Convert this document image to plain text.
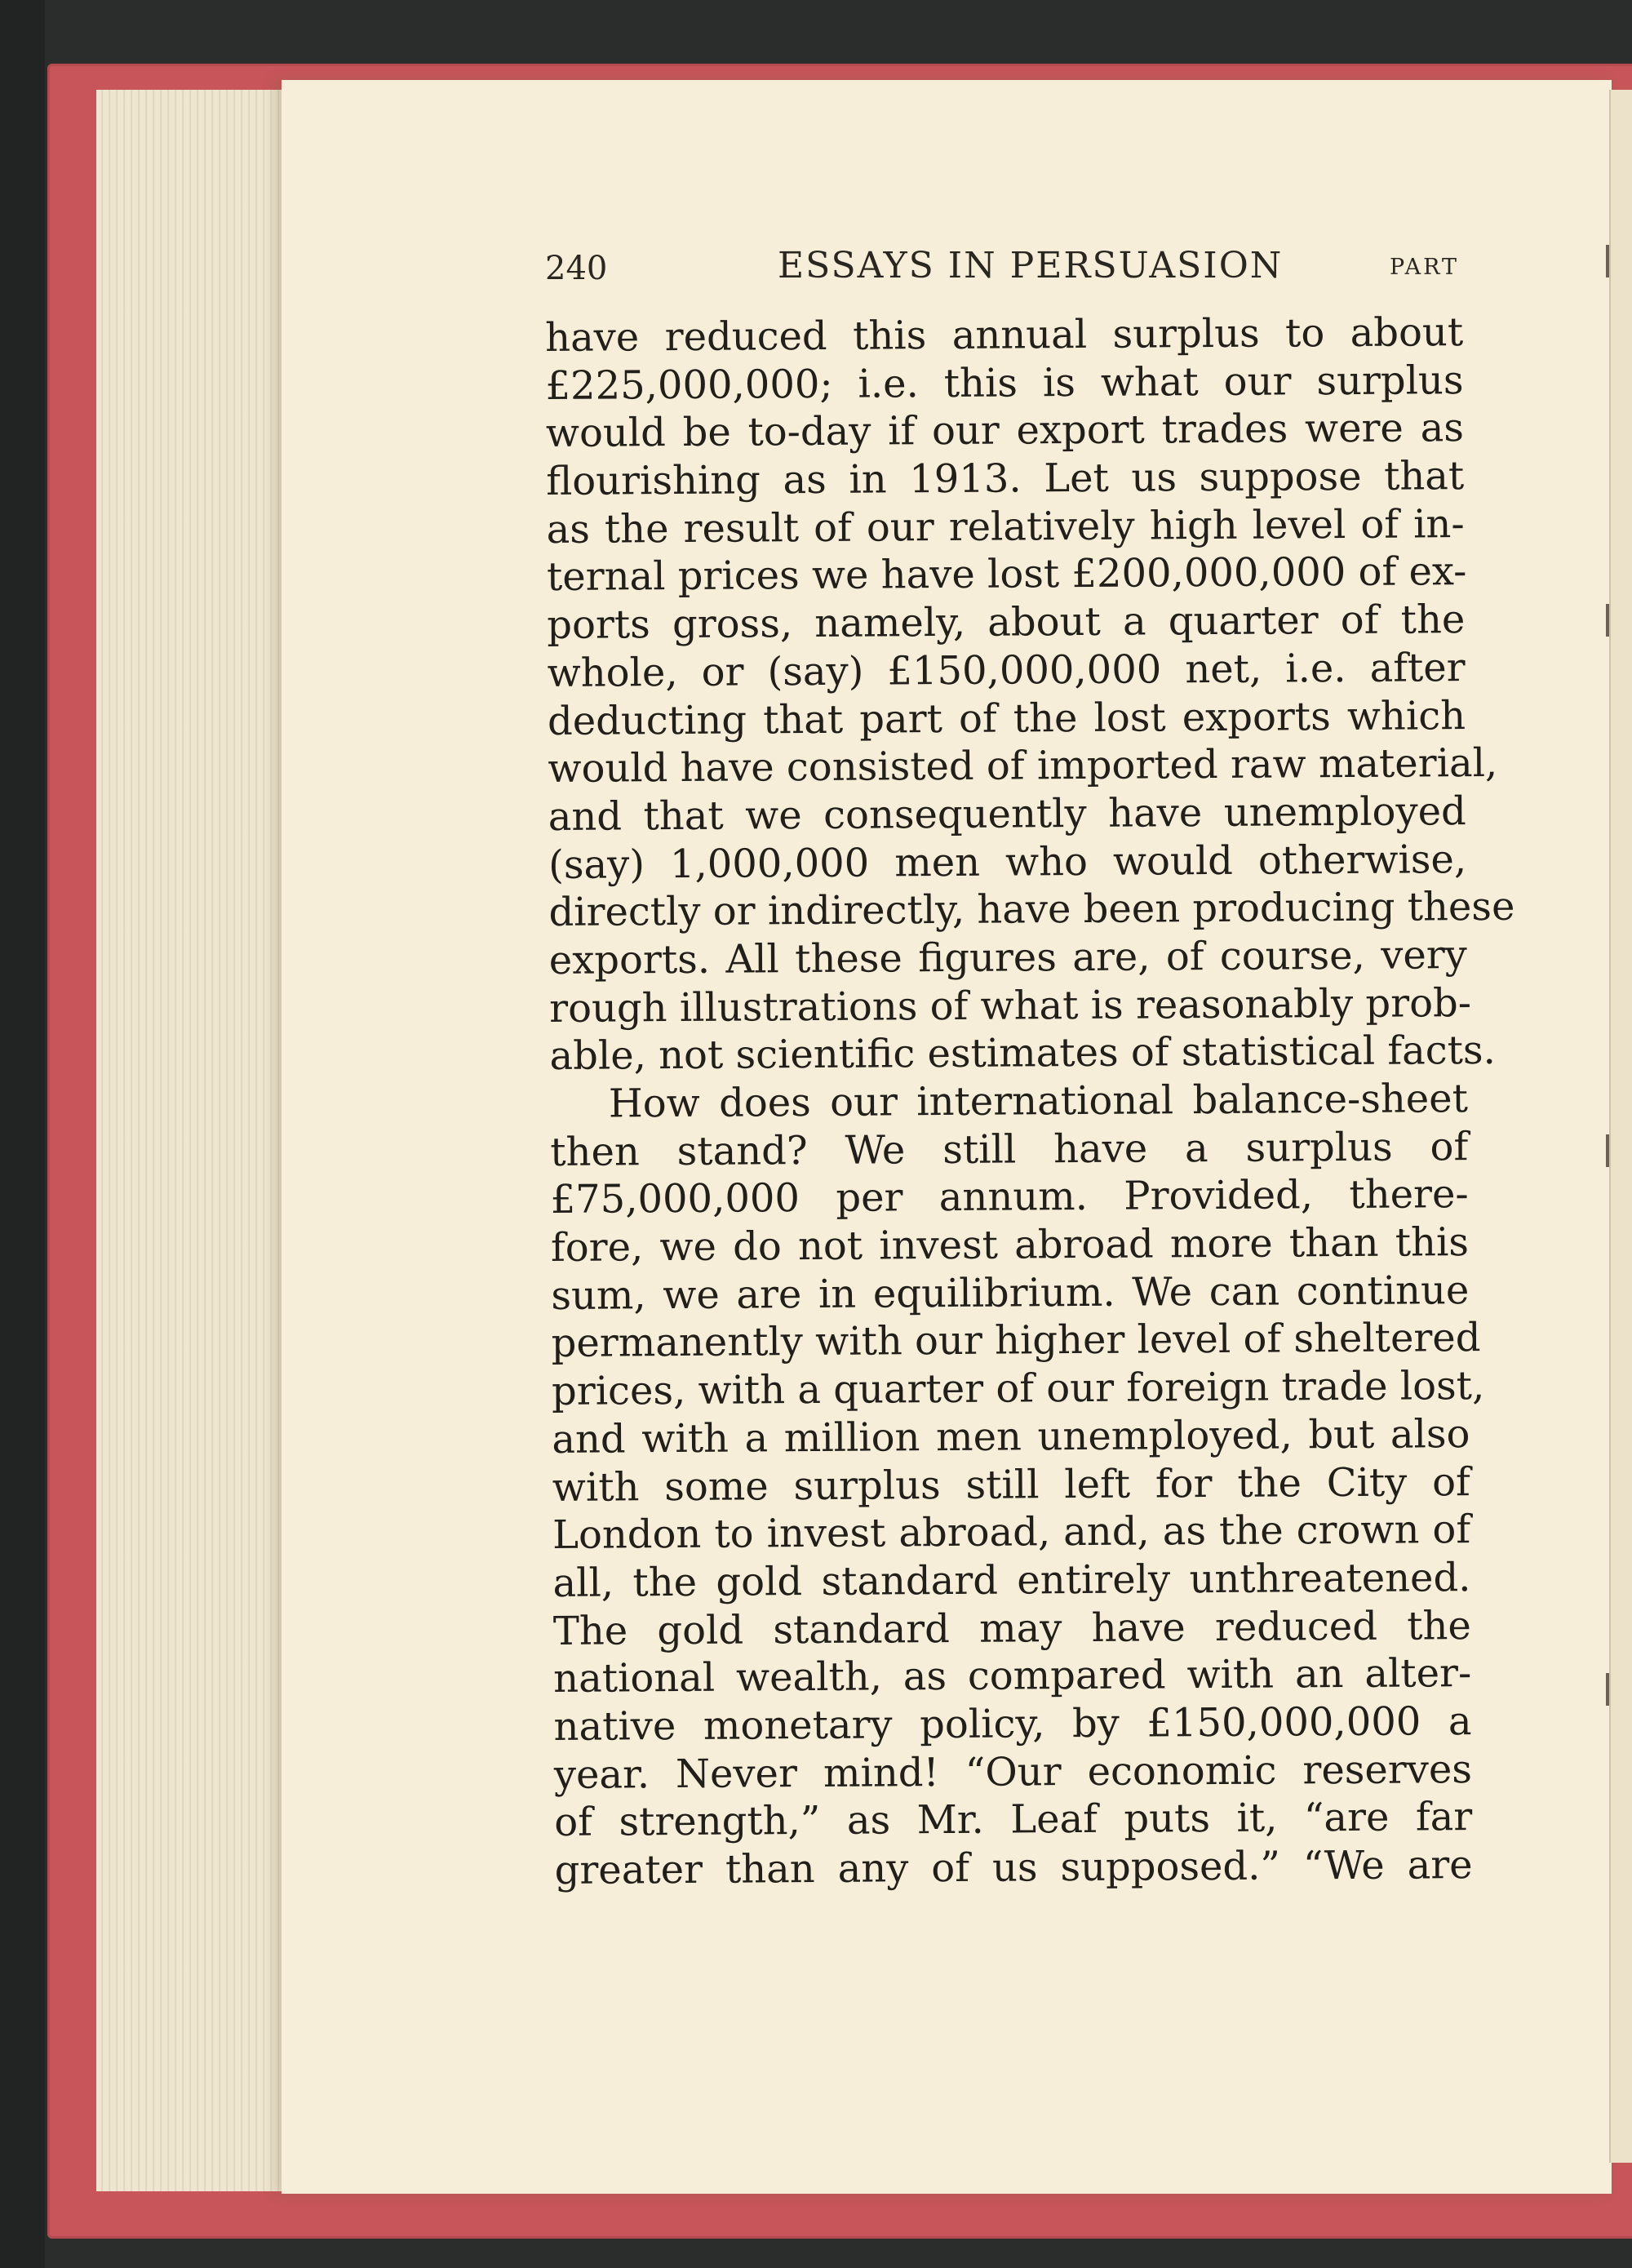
240	ESSAYS IN PERSUASION	PART
have reduced this annual surplus to about
£225,000,000; i.e. this is what our surplus
would be to-day if our export trades were as
flourishing as in 1913. Let us suppose that
as the result of our relatively high level of in-
ternal prices we have lost £200,000,000 of ex-
ports gross, namely, about a quarter of the
whole, or (say) £150,000,000 net, i.e. after
deducting that part of the lost exports which
would have consisted of imported raw material,
and that we consequently have unemployed
(say) 1,000,000 men who would otherwise,
directly or indirectly, have been producing these
exports. All these figures are, of course, very
rough illustrations of what is reasonably prob-
able, not scientific estimates of statistical facts.
How does our international balance-sheet
then stand? We still have a surplus of
£75,000,000 per annum. Provided, there-
fore, we do not invest abroad more than this
sum, we are in equilibrium. We can continue
permanently with our higher level of sheltered
prices, with a quarter of our foreign trade lost,
and with a million men unemployed, but also
with some surplus still left for the City of
London to invest abroad, and, as the crown of
all, the gold standard entirely unthreatened.
The gold standard may have reduced the
national wealth, as compared with an alter-
native monetary policy, by £150,000,000 a
year. Never mind! “Our economic reserves
of strength,” as Mr. Leaf puts it, “are far
greater than any of us supposed.” “We are
